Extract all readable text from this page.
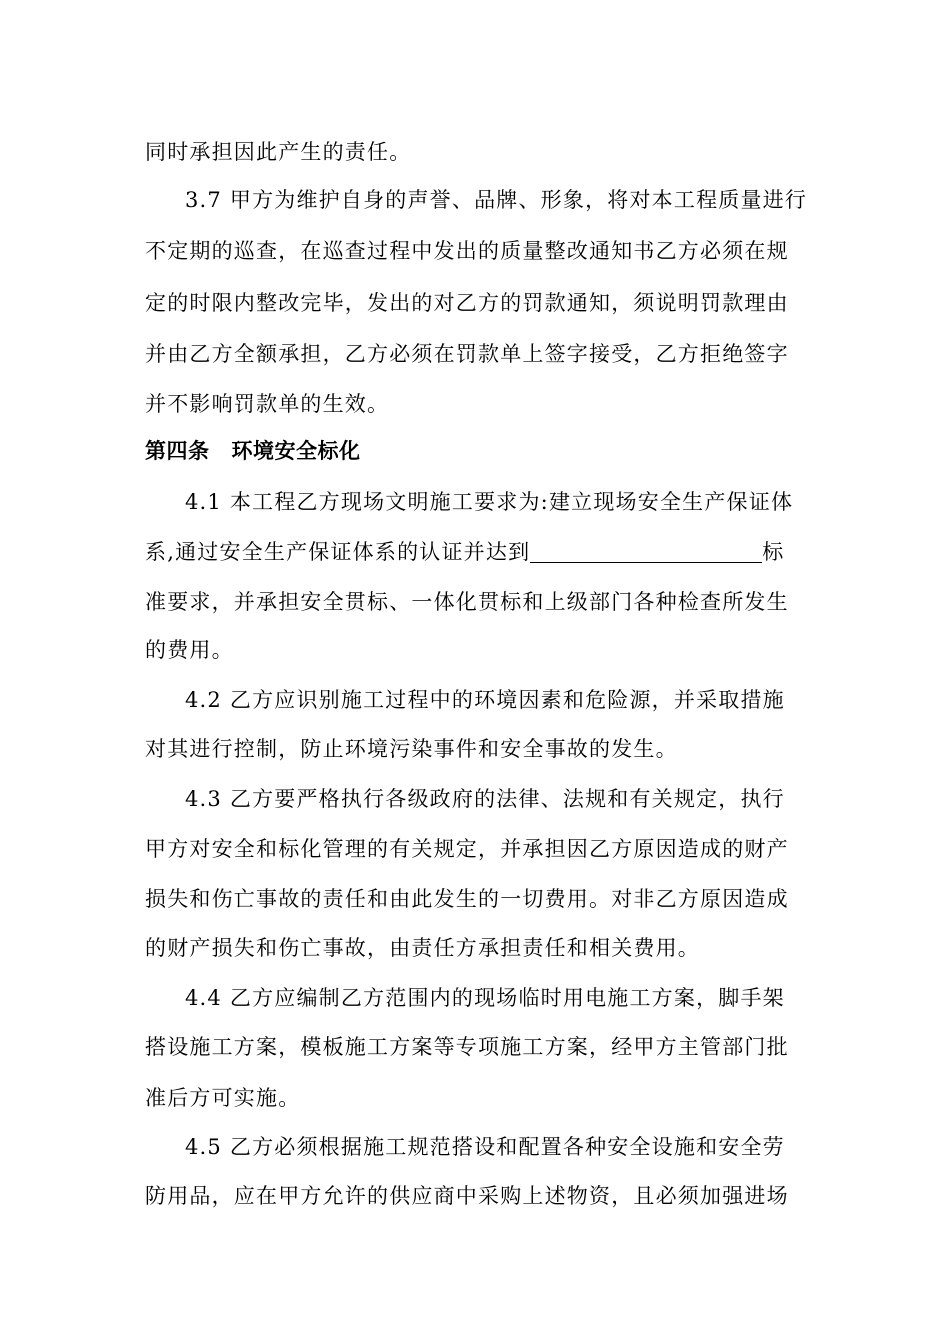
同时承担因此产生的责任。
3.7 甲方为维护自身的声誉、品牌、形象，将对本工程质量进行
不定期的巡查，在巡查过程中发出的质量整改通知书乙方必须在规
定的时限内整改完毕，发出的对乙方的罚款通知，须说明罚款理由
并由乙方全额承担，乙方必须在罚款单上签字接受，乙方拒绝签字
并不影响罚款单的生效。
第四条 环境安全标化
4.1 本工程乙方现场文明施工要求为:建立现场安全生产保证体
系,通过安全生产保证体系的认证并达到	标
准要求，并承担安全贯标、一体化贯标和上级部门各种检查所发生
的费用。
4.2 乙方应识别施工过程中的环境因素和危险源，并采取措施
对其进行控制，防止环境污染事件和安全事故的发生。
4.3 乙方要严格执行各级政府的法律、法规和有关规定，执行
甲方对安全和标化管理的有关规定，并承担因乙方原因造成的财产
损失和伤亡事故的责任和由此发生的一切费用。对非乙方原因造成
的财产损失和伤亡事故，由责任方承担责任和相关费用。
4.4 乙方应编制乙方范围内的现场临时用电施工方案，脚手架
搭设施工方案，模板施工方案等专项施工方案，经甲方主管部门批
准后方可实施。
4.5 乙方必须根据施工规范搭设和配置各种安全设施和安全劳
防用品，应在甲方允许的供应商中采购上述物资，且必须加强进场
